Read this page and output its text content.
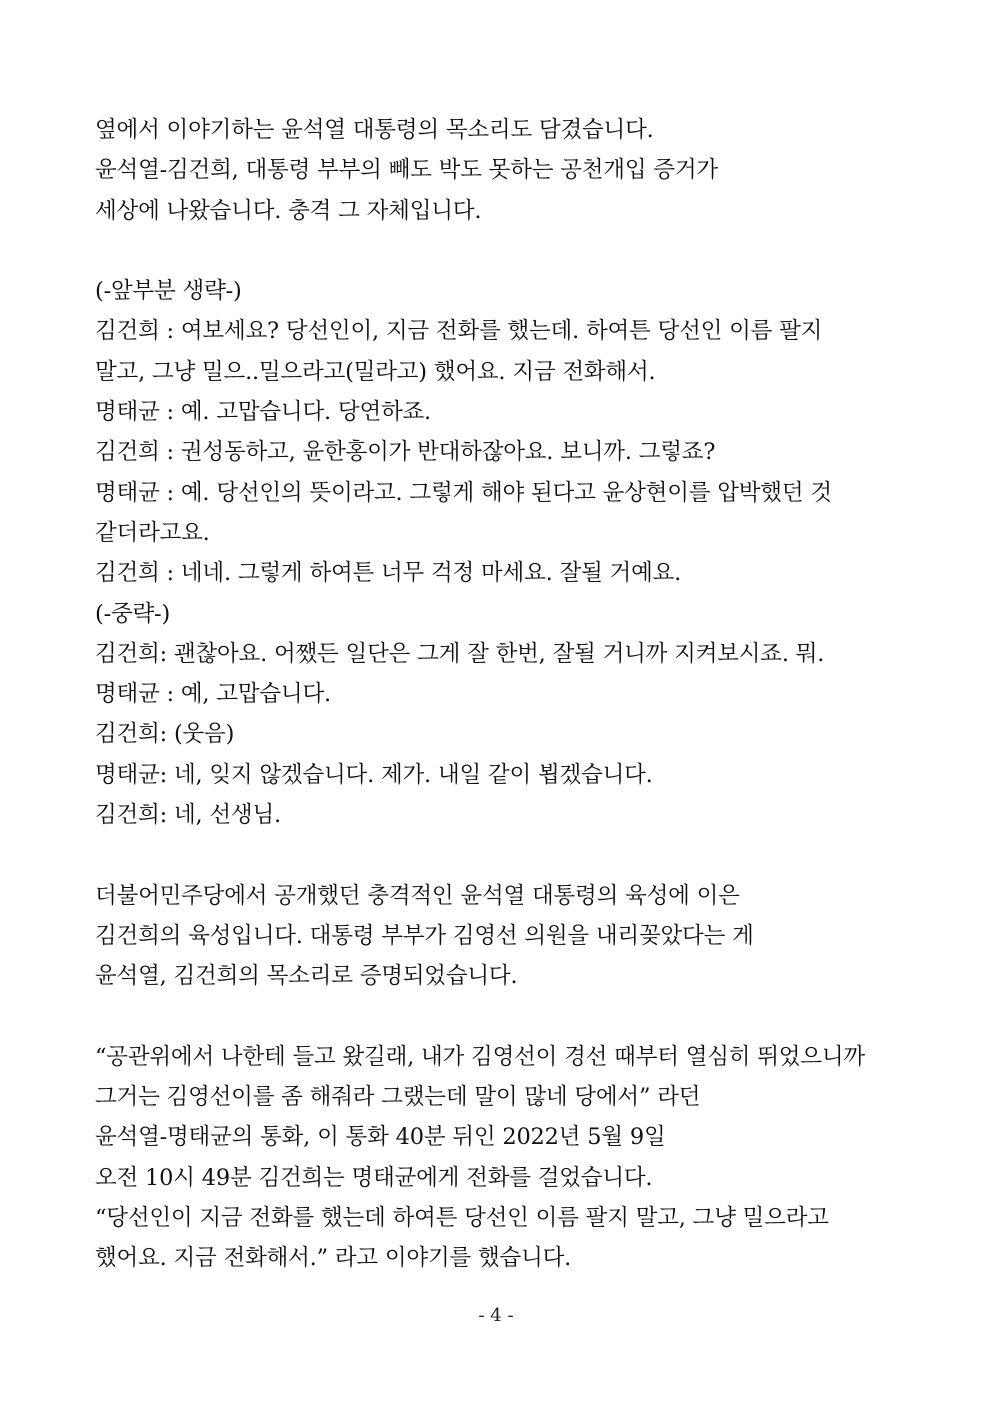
옆에서 이야기하는 윤석열 대통령의 목소리도 담겼습니다.
윤석열-김건희, 대통령 부부의 빼도 박도 못하는 공천개입 증거가
세상에 나왔습니다. 충격 그 자체입니다.
(-앞부분 생략-)
김건희 : 여보세요? 당선인이, 지금 전화를 했는데. 하여튼 당선인 이름 팔지
말고, 그냥 밀으..밀으라고(밀라고) 했어요. 지금 전화해서.
명태균 : 예. 고맙습니다. 당연하죠.
김건희 : 권성동하고, 윤한홍이가 반대하잖아요. 보니까. 그렇죠?
명태균 : 예. 당선인의 뜻이라고. 그렇게 해야 된다고 윤상현이를 압박했던 것
같더라고요.
김건희 : 네네. 그렇게 하여튼 너무 걱정 마세요. 잘될 거예요.
(-중략-)
김건희: 괜찮아요. 어쨌든 일단은 그게 잘 한번, 잘될 거니까 지켜보시죠. 뭐.
명태균 : 예, 고맙습니다.
김건희: (웃음)
명태균: 네, 잊지 않겠습니다. 제가. 내일 같이 뵙겠습니다.
김건희: 네, 선생님.
더불어민주당에서 공개했던 충격적인 윤석열 대통령의 육성에 이은
김건희의 육성입니다. 대통령 부부가 김영선 의원을 내리꽂았다는 게
윤석열, 김건희의 목소리로 증명되었습니다.
“공관위에서 나한테 들고 왔길래, 내가 김영선이 경선 때부터 열심히 뛰었으니까
그거는 김영선이를 좀 해줘라 그랬는데 말이 많네 당에서” 라던
윤석열-명태균의 통화, 이 통화 40분 뒤인 2022년 5월 9일
오전 10시 49분 김건희는 명태균에게 전화를 걸었습니다.
“당선인이 지금 전화를 했는데 하여튼 당선인 이름 팔지 말고, 그냥 밀으라고
했어요. 지금 전화해서.” 라고 이야기를 했습니다.
- 4 -
